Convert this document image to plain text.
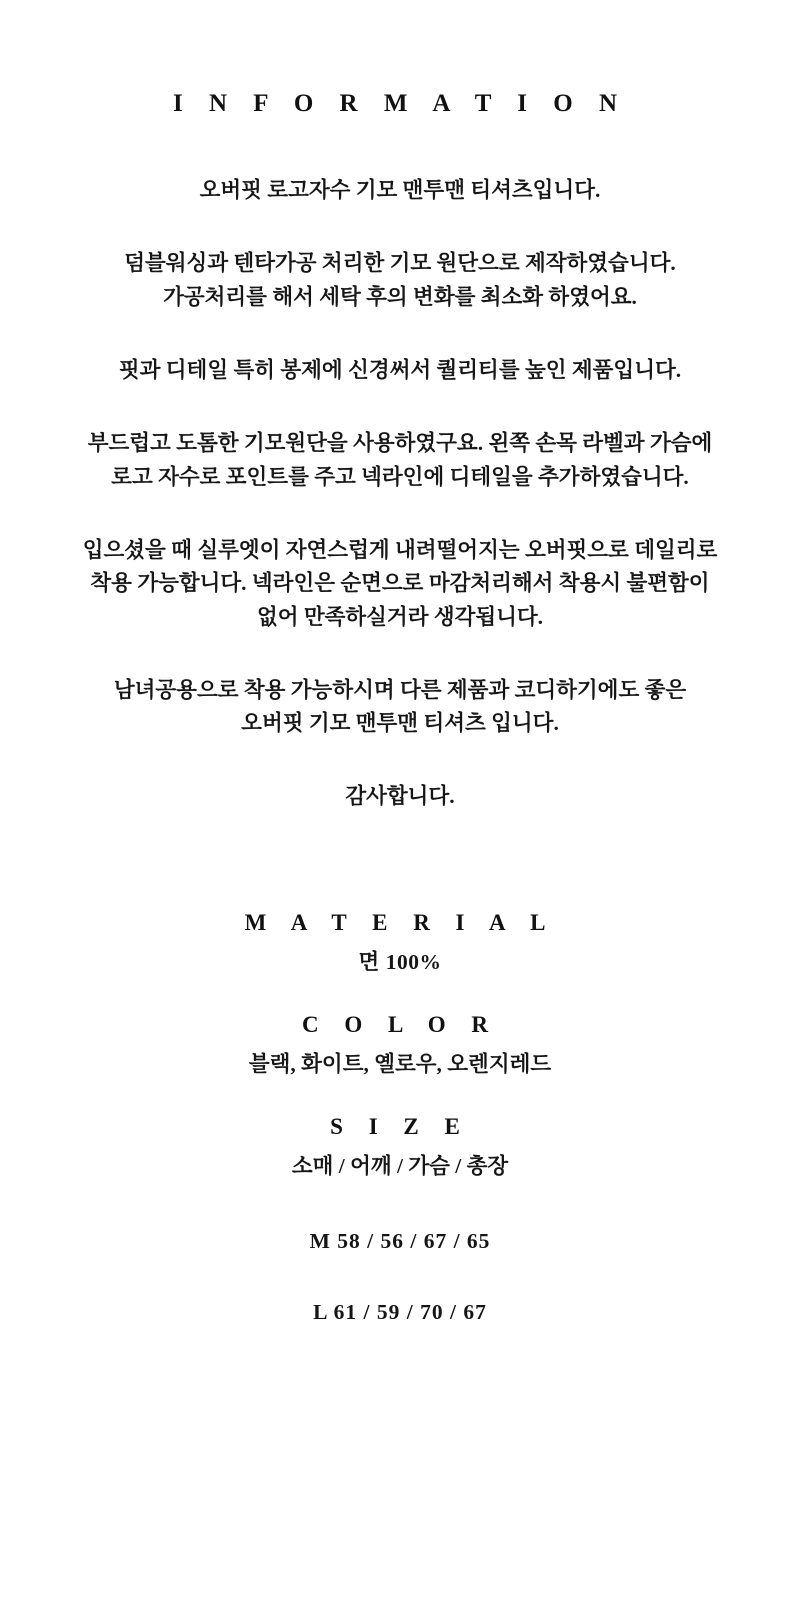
I N F O R M A T I O N
오버핏 로고자수 기모 맨투맨 티셔츠입니다.
덤블워싱과 텐타가공 처리한 기모 원단으로 제작하였습니다.
가공처리를 해서 세탁 후의 변화를 최소화 하였어요.
핏과 디테일 특히 봉제에 신경써서 퀄리티를 높인 제품입니다.
부드럽고 도톰한 기모원단을 사용하였구요. 왼쪽 손목 라벨과 가슴에
로고 자수로 포인트를 주고 넥라인에 디테일을 추가하였습니다.
입으셨을 때 실루엣이 자연스럽게 내려떨어지는 오버핏으로 데일리로
착용 가능합니다. 넥라인은 순면으로 마감처리해서 착용시 불편함이
없어 만족하실거라 생각됩니다.
남녀공용으로 착용 가능하시며 다른 제품과 코디하기에도 좋은
오버핏 기모 맨투맨 티셔츠 입니다.
감사합니다.
M A T E R I A L
면 100%
C O L O R
블랙, 화이트, 옐로우, 오렌지레드
S I Z E
소매 / 어깨 / 가슴 / 총장
M 58 / 56 / 67 / 65
L 61 / 59 / 70 / 67
